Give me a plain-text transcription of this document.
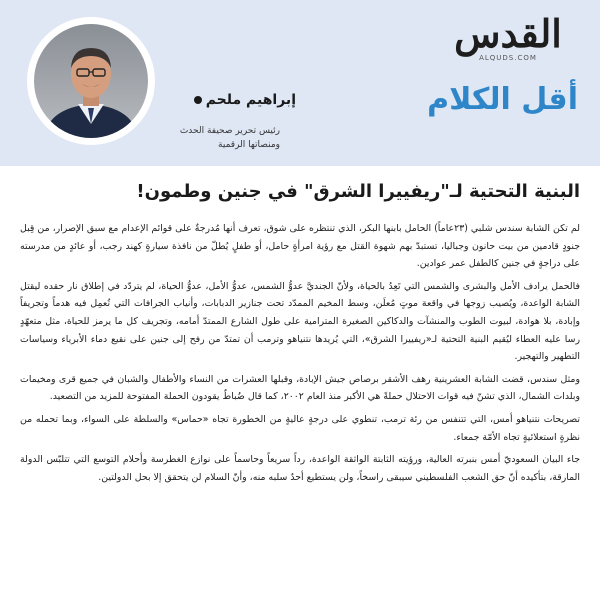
القدس
ALQUDS.COM
أقل الكلام
إبراهيم ملحم
رئيس تحرير صحيفة الحدث
ومنصاتها الرقمية
البنية التحتية لـ"ريفييرا الشرق" في جنين وطمون!

لم تكن الشابة سندس شلبي (٢٣عاماً) الحامل بابنها البكر، الذي تنتظره على شوق، تعرف أنها مُدرجةٌ على قوائم الإعدام مع سبق الإصرار، من قِبل جنودٍ قادمين من بيت حانون وجباليا، تستبدّ بهم شهوة القتل مع رؤية امرأةٍ حامل، أو طفلٍ يُطلّ من نافذة سيارةٍ كهند رجب، أو عائدٍ من مدرسته على دراجةٍ في جنين كالطفل عمر عوادين.

فالحمل يرادف الأمل والبشرى والشمس التي تَعِدُ بالحياة، ولأنّ الجنديَّ عدوُّ الشمس، عدوُّ الأمل، عدوُّ الحياة، لم يتردّد في إطلاق نار حقده ليقتل الشابة الواعدة، ويُصيب زوجها في واقعة موتٍ مُعلَن، وسط المخيم الممدّد تحت جنازير الدبابات، وأنياب الجرافات التي تُعمِل فيه هدماً وتجريفاً وإبادة، بلا هوادة، لبيوت الطوب والمنشآت والدكاكين الصغيرة المترامية على طول الشارع الممتدّ أمامه، وتجريف كل ما يرمز للحياة، مثل متعهّدٍ رسا عليه العطاء ليُقيم البنية التحتية لـ«ريفييرا الشرق»، التي يُريدها نتنياهو وترمب أن تمتدّ من رفح إلى جنين على نقيع دماء الأبرياء وسياسات التطهير والتهجير.

ومثل سندس، قضت الشابة العشرينية رهف الأشقر برصاص جيش الإبادة، وقبلها العشرات من النساء والأطفال والشبان في جميع قرى ومخيمات وبلدات الشمال، الذي تشنّ فيه قوات الاحتلال حملةً هي الأكبر منذ العام ٢٠٠٢، كما قال ضُباطٌ يقودون الحملة المفتوحة للمزيد من التصعيد.

تصريحات نتنياهو أمس، التي تتنفس من رئة ترمب، تنطوي على درجةٍ عاليةٍ من الخطورة تجاه «حماس» والسلطة على السواء، وبما تحمله من نظرةٍ استعلائيةٍ تجاه الأمّة جمعاء.

جاء البيان السعوديّ أمس بنبرته العالية، ورؤيته الثابتة الواثقة الواعدة، رداً سريعاً وحاسماً على نوازع الغطرسة وأحلام التوسع التي تتلبّس الدولة المارقة، بتأكيده أنّ حق الشعب الفلسطيني سيبقى راسخاً، ولن يستطيع أحدٌ سلبه منه، وأنّ السلام لن يتحقق إلا بحل الدولتين.
